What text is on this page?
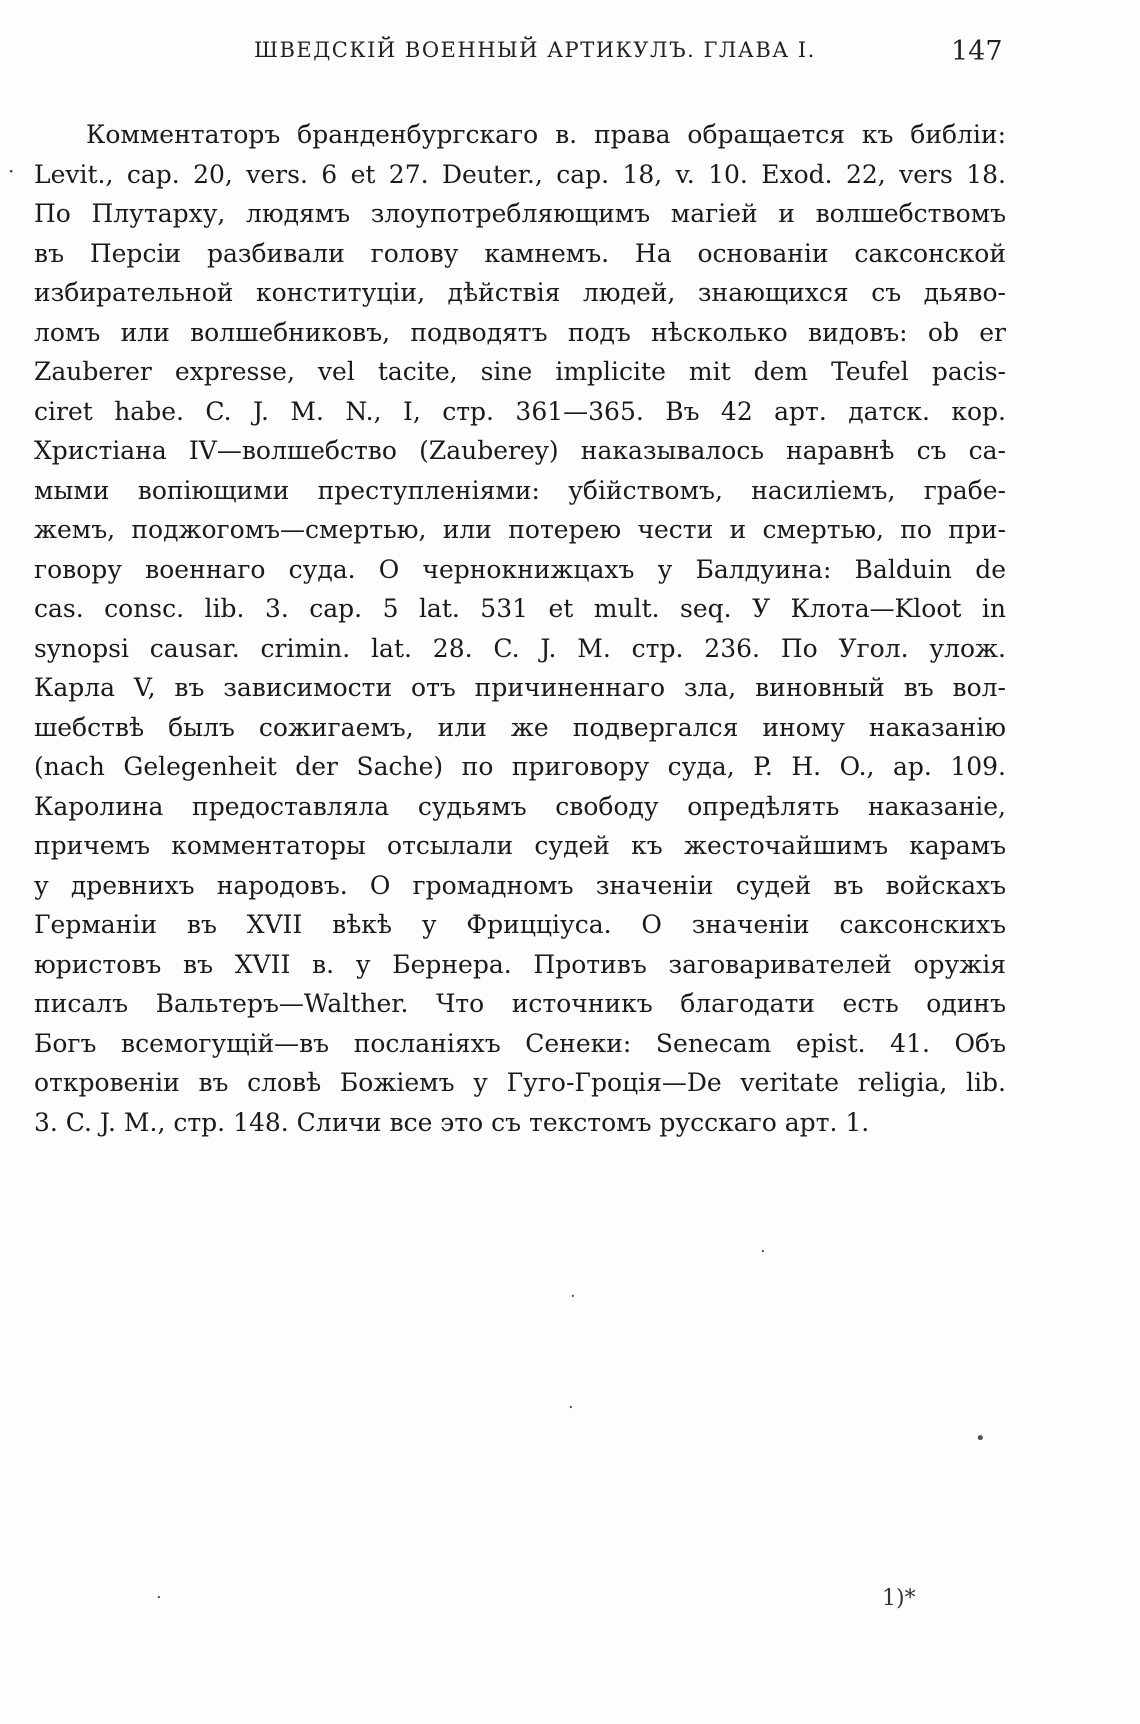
ШВЕДСКІЙ ВОЕННЫЙ АРТИКУЛЪ. ГЛАВА I.	147
·

Комментаторъ бранденбургскаго в. права обращается къ библіи:
Levit., cap. 20, vers. 6 et 27. Deuter., cap. 18, v. 10. Exod. 22, vers 18.
По Плутарху, людямъ злоупотребляющимъ магіей и волшебствомъ
въ Персіи разбивали голову камнемъ. На основаніи саксонской
избирательной конституціи, дѣйствія людей, знающихся съ дьяво-
ломъ или волшебниковъ, подводятъ подъ нѣсколько видовъ: ob er
Zauberer expresse, vel tacite, sine implicite mit dem Teufel pacis-
ciret habe. C. J. M. N., I, стр. 361—365. Въ 42 арт. датск. кор.
Христіана IV—волшебство (Zauberey) наказывалось наравнѣ съ са-
мыми вопіющими преступленіями: убійствомъ, насиліемъ, грабе-
жемъ, поджогомъ—смертью, или потерею чести и смертью, по при-
говору военнаго суда. О чернокнижцахъ у Балдуина: Balduin de
cas. consc. lib. 3. cap. 5 lat. 531 et mult. seq. У Клота—Kloot in
synopsi causar. crimin. lat. 28. C. J. M. стр. 236. По Угол. улож.
Карла V, въ зависимости отъ причиненнаго зла, виновный въ вол-
шебствѣ былъ сожигаемъ, или же подвергался иному наказанію
(nach Gelegenheit der Sache) по приговору суда, P. H. O., ap. 109.
Каролина предоставляла судьямъ свободу опредѣлять наказаніе,
причемъ комментаторы отсылали судей къ жесточайшимъ карамъ
у древнихъ народовъ. О громадномъ значеніи судей въ войскахъ
Германіи въ XVII вѣкѣ у Фрицціуса. О значеніи саксонскихъ
юристовъ въ XVII в. у Бернера. Противъ заговаривателей оружія
писалъ Вальтеръ—Walther. Что источникъ благодати есть одинъ
Богъ всемогущій—въ посланіяхъ Сенеки: Senecam epist. 41. Объ
откровеніи въ словѣ Божіемъ у Гуго-Гроція—De veritate religia, lib.
3. C. J. M., стр. 148. Сличи все это съ текстомъ русскаго арт. 1.

.
·
.
•
.	1)*
